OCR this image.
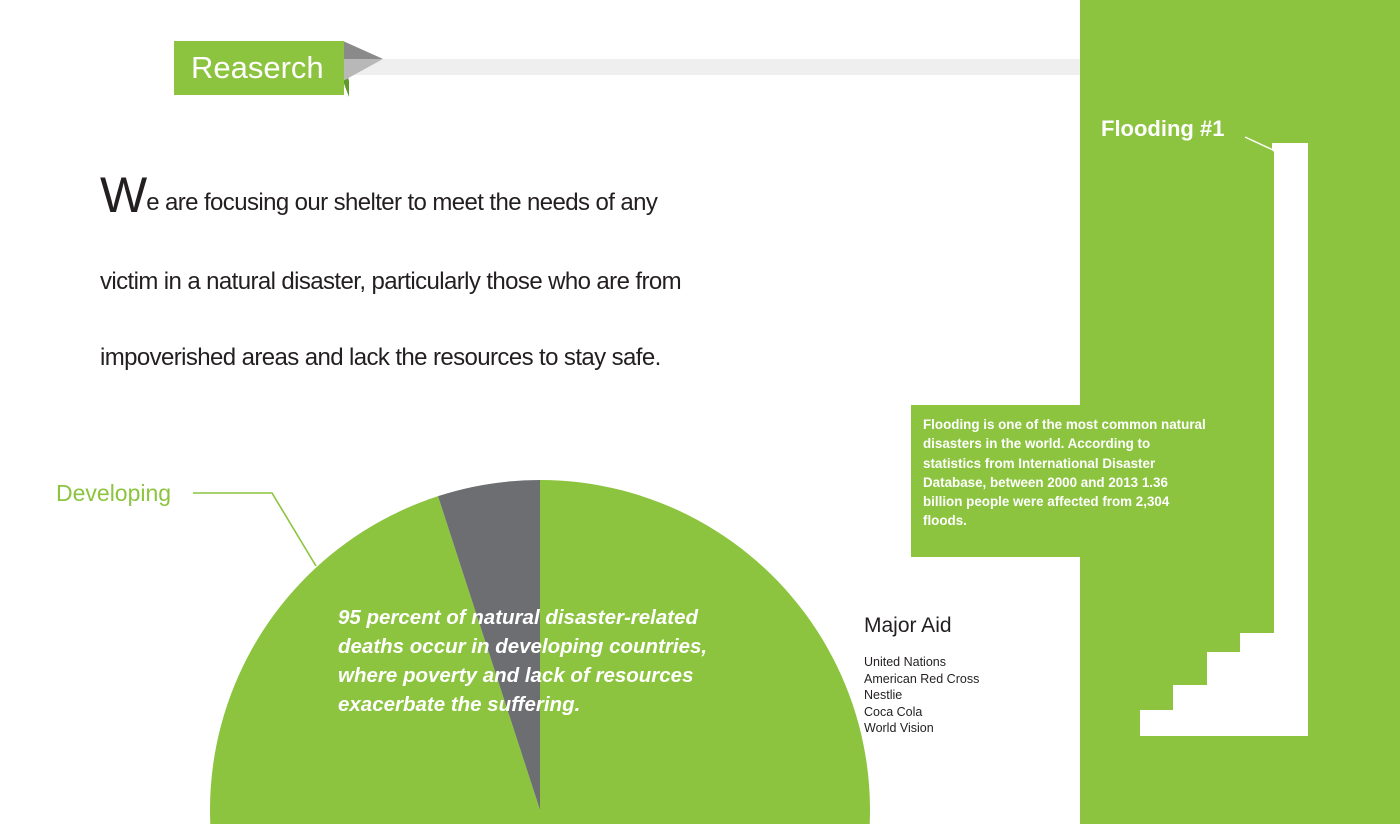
Reaserch
We are focusing our shelter to meet the needs of any
victim in a natural disaster, particularly those who are from
impoverished areas and lack the resources to stay safe.
Developing
95 percent of natural disaster-related deaths occur in developing countries, where poverty and lack of resources exacerbate the suffering.
Major Aid
United Nations
American Red Cross
Nestlie
Coca Cola
World Vision
Flooding #1
Flooding is one of the most common natural disasters in the world. According to statistics from International Disaster Database, between 2000 and 2013 1.36 billion people were affected from 2,304 floods.
